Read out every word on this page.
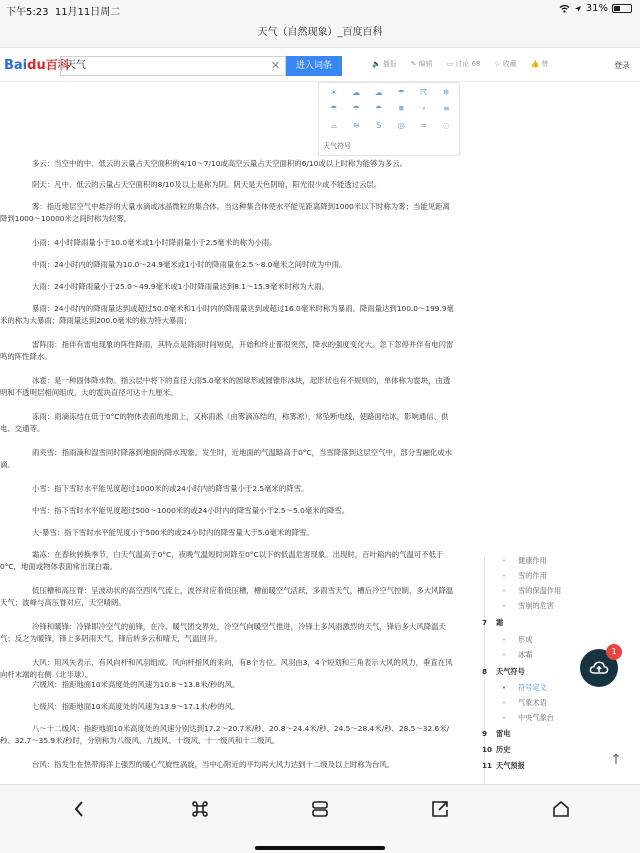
下午5:23 11月11日周二	31%
天气（自然现象）_百度百科
Baidu百科
天气	✕	进入词条	🔈 播报 ✎ 编辑 ▭ 讨论 68 ☆ 收藏 👍 赞	登录
☀	☁	☁	☂	☈	❄
☂	☂	☂	❅	∘	≡
⌓	≋	S	◎	∞	◌
天气符号

多云：当空中的中、低云的云量占天空面积的4/10～7/10或高空云量占天空面积的6/10或以上时称为能够为多云。

阴天：凡中、低云的云量占天空面积的8/10及以上是称为阴。阴天是天色阴暗，阳光很少或不能透过云层。

雾：指近地层空气中悬浮的大量水滴或冰晶微粒的集合体。当这种集合体使水平能见距离降到1000米以下时称为雾；当能见距离降到1000～10000米之间时称为轻雾。

小雨：4小时降雨量小于10.0毫米或1小时降雨量小于2.5毫米的称为小雨。

中雨：24小时内的降雨量为10.0～24.9毫米或1小时的降雨量在2.5～8.0毫米之间时成为中雨。

大雨：24小时降雨量小于25.0～49.9毫米或1小时降雨量达到8.1～15.9毫米时称为大雨。

暴雨：24小时内的降雨量达到或超过50.0毫米和1小时内的降雨量达到或超过16.0毫米时称为暴雨。降雨量达到100.0～199.9毫米的称为大暴雨；降雨量达到200.0毫米的称为特大暴雨；

雷阵雨：指伴有雷电现象的阵性降雨，其特点是降雨时间短促，开始和终止都很突然，降水的强度变化大。忽下忽停并伴有电闪雷鸣的阵性降水。

冰雹：是一种固体降水物。指云层中将下的直径大雨5.0毫米的圆球形或圆锥形冰块，起形状也有不规则的，单体称为雹块，由透明和不透明层相间组成，大的雹块直径可达十九厘米。

冻雨：雨滴冻结在低于0°C的物体表面的地面上，又称雨淞（由雾滴冻结的，称雾淞），常坠断电线，使路面结冰，影响通信、供电、交通等。

雨夹雪：指雨滴和湿雪同时降落到地面的降水现象。发生时，近地面的气温略高于0°C，当雪降落到这层空气中，部分雪融化成水滴。

小雪：指下雪时水平能见度超过1000米的或24小时内的降雪量小于2.5毫米的降雪。

中雪：指下雪时水平能见度超过500～1000米的或24小时内的降雪量小于2.5～5.0毫米的降雪。

大-暴雪：指下雪时水平能见度小于500米的或24小时内的降雪量大于5.0毫米的降雪。

霜冻：在春秋转换季节，白天气温高于0°C，夜晚气温短时间降至0°C以下的低温危害现象。出现时，百叶箱内的气温可不低于0°C，地面或物体表面常出现白霜。

低压槽和高压脊：呈波动状的高空西风气流上，波谷对应着低压槽，槽前暖空气活跃，多雨雪天气，槽后冷空气控制，多大风降温天气；波峰与高压脊对应，天空晴朗。

冷锋和暖锋：冷锋即冷空气的前锋，在冷、暖气团交界处，冷空气向暖空气推进，冷锋上多风雨激烈的天气，锋后多大风降温天气；反之为暖锋，锋上多阴雨天气，锋后转多云和晴天，气温回升。

大风：用风矢表示，有风向杆和风羽组成。风向杆指风的来向，有8个方位。风羽由3，4个短划和三角表示大风的风力，垂直在风向杆末端的右侧（北半球）。

六级风：指距地面10米高度处的风速为10.8～13.8米/秒的风。

七级风：指距地面10米高度处的风速为13.9～17.1米/秒的风。

八～十二级风：指距地面10米高度处的风速分别达到17.2～20.7米/秒、20.8～24.4米/秒、24.5～28.4米/秒、28.5～32.6米/秒、32.7～35.9米/秒时，分别称为八级风、九级风、十级风、十一级风和十二级风。

台风：指发生在热带海洋上强烈的暖心气旋性涡旋，当中心附近的平均再大风力达到十二级及以上时称为台风。

• 健康作用
• 雪的作用
• 雪的保温作用
• 雪崩的危害
7 霜
• 形成
• 冰霜
8 天气符号
• 符号定义
• 气象术语
• 中央气象台
9 雷电
10 历史
11 天气预报
1
↑
